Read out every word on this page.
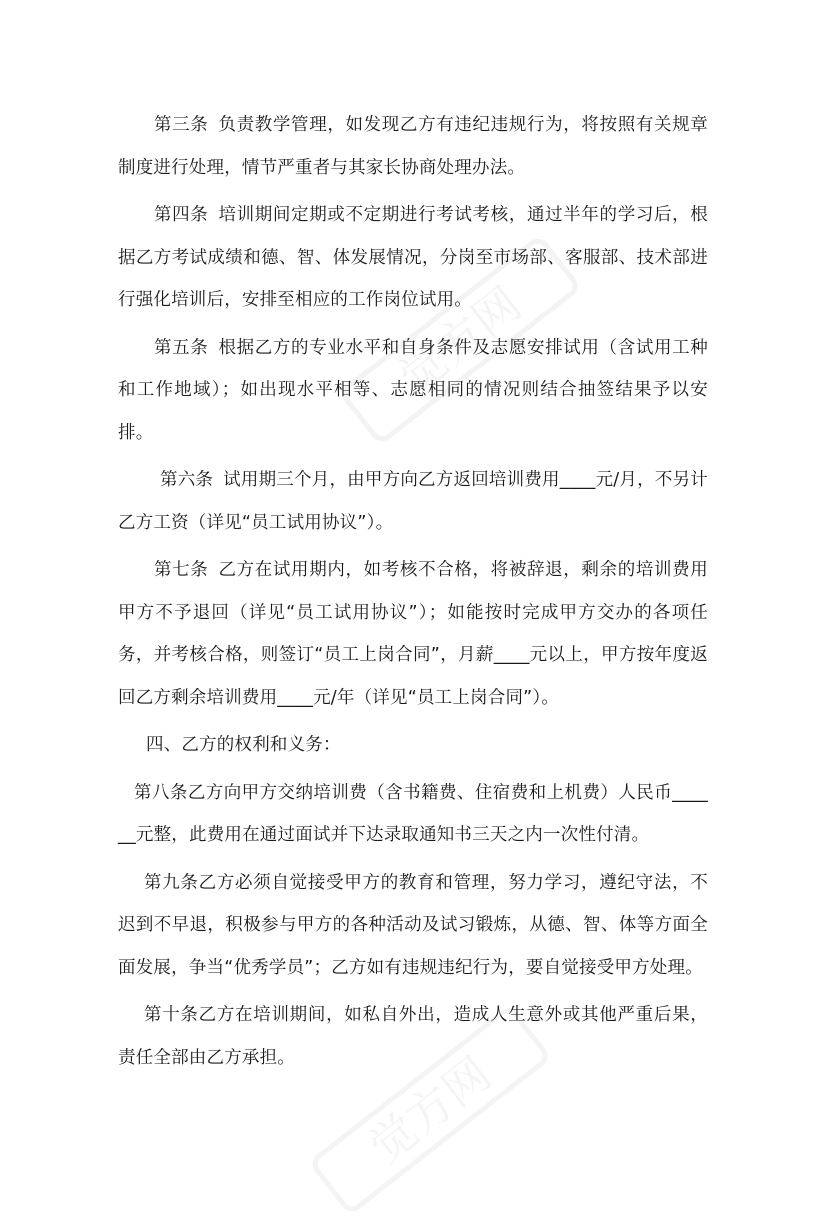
觉方网
觉方网

第三条 负责教学管理，如发现乙方有违纪违规行为，将按照有关规章制度进行处理，情节严重者与其家长协商处理办法。

第四条 培训期间定期或不定期进行考试考核，通过半年的学习后，根据乙方考试成绩和德、智、体发展情况，分岗至市场部、客服部、技术部进行强化培训后，安排至相应的工作岗位试用。

第五条 根据乙方的专业水平和自身条件及志愿安排试用（含试用工种和工作地域）；如出现水平相等、志愿相同的情况则结合抽签结果予以安排。

第六条 试用期三个月，由甲方向乙方返回培训费用____元/月，不另计乙方工资（详见“员工试用协议”）。

第七条 乙方在试用期内，如考核不合格，将被辞退，剩余的培训费用甲方不予退回（详见“员工试用协议”）；如能按时完成甲方交办的各项任务，并考核合格，则签订“员工上岗合同”，月薪____元以上，甲方按年度返回乙方剩余培训费用____元/年（详见“员工上岗合同”）。

四、乙方的权利和义务：

第八条乙方向甲方交纳培训费（含书籍费、住宿费和上机费）人民币______元整，此费用在通过面试并下达录取通知书三天之内一次性付清。

第九条乙方必须自觉接受甲方的教育和管理，努力学习，遵纪守法，不迟到不早退，积极参与甲方的各种活动及试习锻炼，从德、智、体等方面全面发展，争当“优秀学员”；乙方如有违规违纪行为，要自觉接受甲方处理。

第十条乙方在培训期间，如私自外出，造成人生意外或其他严重后果，责任全部由乙方承担。
